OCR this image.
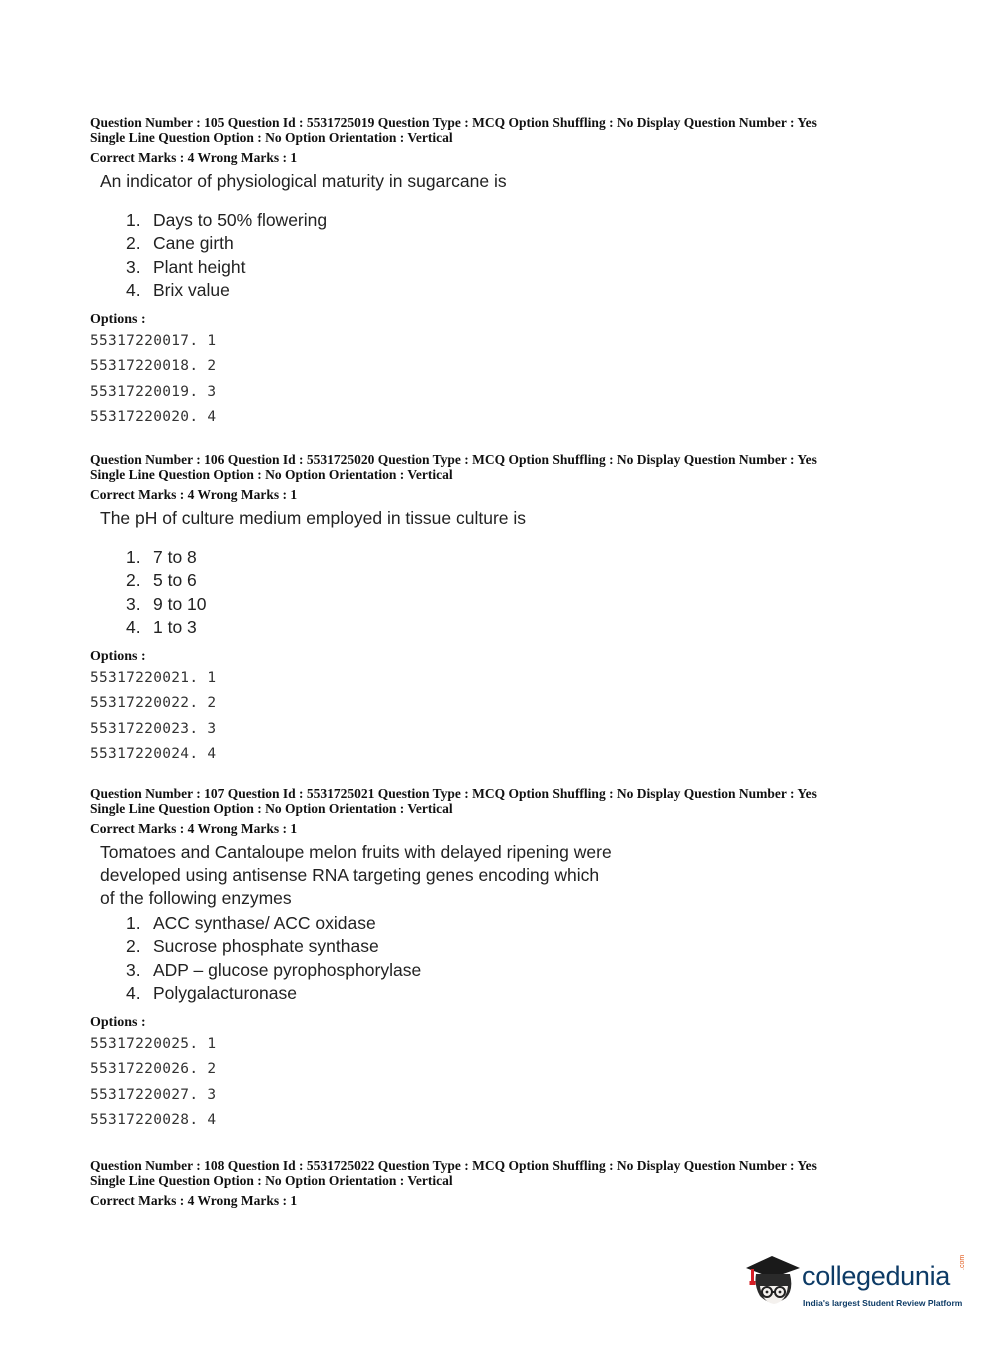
Question Number : 105 Question Id : 5531725019 Question Type : MCQ Option Shuffling : No Display Question Number : Yes
Single Line Question Option : No Option Orientation : Vertical
Correct Marks : 4 Wrong Marks : 1
An indicator of physiological maturity in sugarcane is
1. Days to 50% flowering
2. Cane girth
3. Plant height
4. Brix value
Options :
55317220017. 1
55317220018. 2
55317220019. 3
55317220020. 4
Question Number : 106 Question Id : 5531725020 Question Type : MCQ Option Shuffling : No Display Question Number : Yes
Single Line Question Option : No Option Orientation : Vertical
Correct Marks : 4 Wrong Marks : 1
The pH of culture medium employed in tissue culture is
1. 7 to 8
2. 5 to 6
3. 9 to 10
4. 1 to 3
Options :
55317220021. 1
55317220022. 2
55317220023. 3
55317220024. 4
Question Number : 107 Question Id : 5531725021 Question Type : MCQ Option Shuffling : No Display Question Number : Yes
Single Line Question Option : No Option Orientation : Vertical
Correct Marks : 4 Wrong Marks : 1
Tomatoes and Cantaloupe melon fruits with delayed ripening were
developed using antisense RNA targeting genes encoding which
of the following enzymes
1. ACC synthase/ ACC oxidase
2. Sucrose phosphate synthase
3. ADP – glucose pyrophosphorylase
4. Polygalacturonase
Options :
55317220025. 1
55317220026. 2
55317220027. 3
55317220028. 4
Question Number : 108 Question Id : 5531725022 Question Type : MCQ Option Shuffling : No Display Question Number : Yes
Single Line Question Option : No Option Orientation : Vertical
Correct Marks : 4 Wrong Marks : 1
collegedunia .com
India's largest Student Review Platform
